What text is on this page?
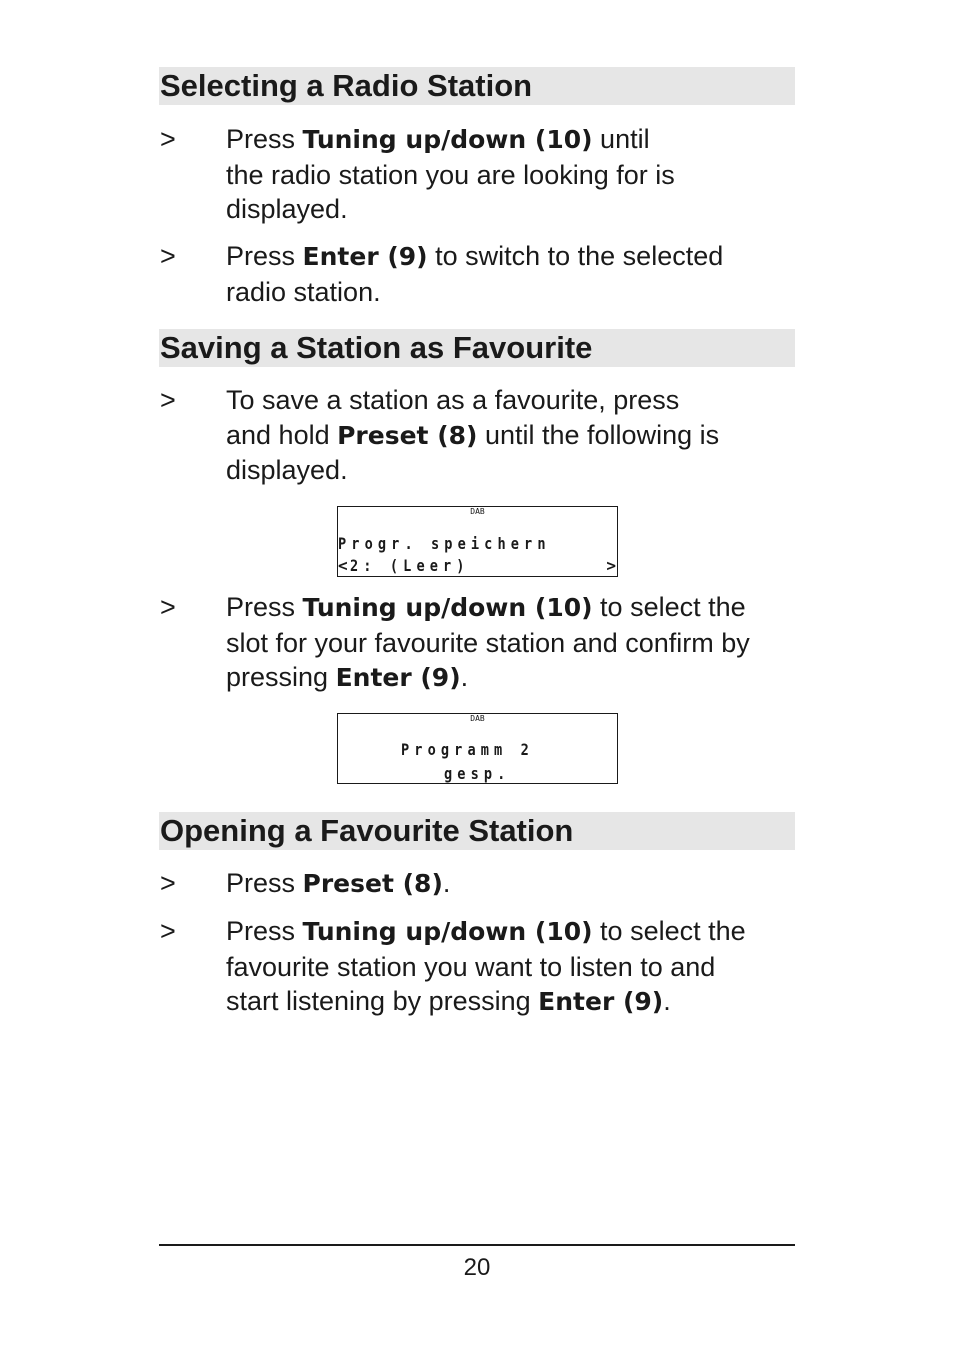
Selecting a Radio Station
> Press Tuning up/down (10) until
the radio station you are looking for is
displayed.
> Press Enter (9) to switch to the selected
radio station.
Saving a Station as Favourite
> To save a station as a favourite, press
and hold Preset (8) until the following is
displayed.
DAB
Progr. speichern
< 2: (Leer)	>
> Press Tuning up/down (10) to select the
slot for your favourite station and confirm by
pressing Enter (9).
DAB
Programm 2
gesp.
Opening a Favourite Station
> Press Preset (8).
> Press Tuning up/down (10) to select the
favourite station you want to listen to and
start listening by pressing Enter (9).
20
